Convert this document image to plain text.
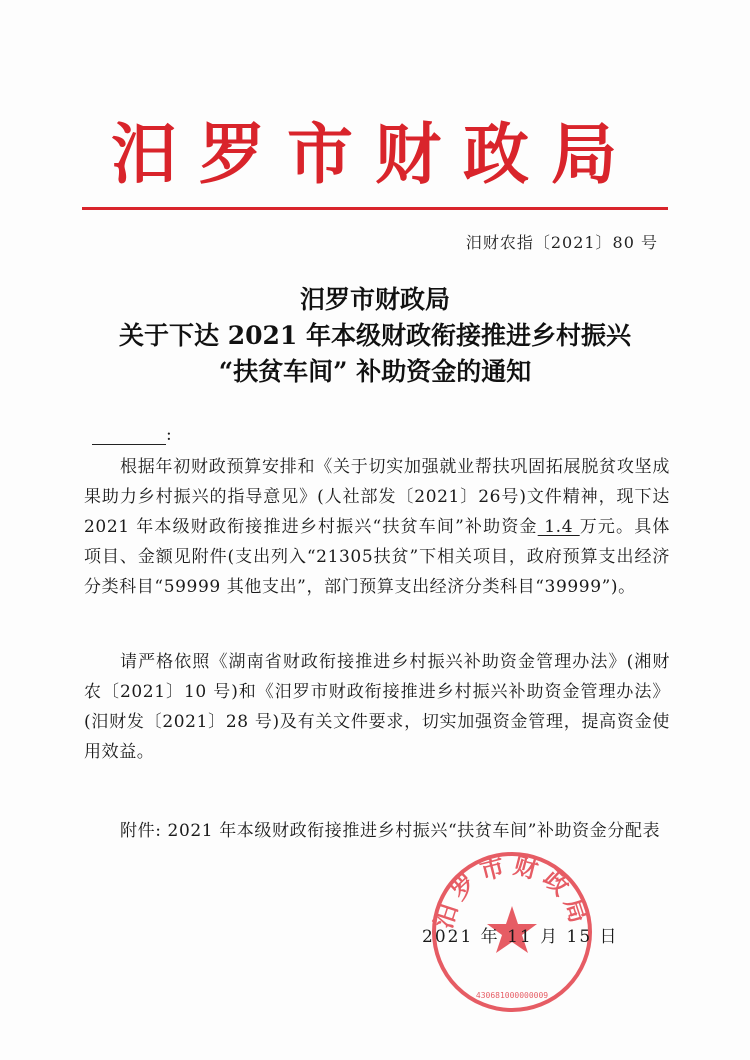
汨罗市财政局
汨财农指〔2021〕80 号
汨罗市财政局
关于下达 2021 年本级财政衔接推进乡村振兴
“扶贫车间” 补助资金的通知
:
根据年初财政预算安排和《关于切实加强就业帮扶巩固拓展脱贫攻坚成果助力乡村振兴的指导意见》(人社部发〔2021〕26号)文件精神，现下达 2021 年本级财政衔接推进乡村振兴“扶贫车间”补助资金 1.4 万元。具体项目、金额见附件(支出列入“21305扶贫”下相关项目，政府预算支出经济分类科目“59999 其他支出”，部门预算支出经济分类科目“39999”)。
请严格依照《湖南省财政衔接推进乡村振兴补助资金管理办法》(湘财农〔2021〕10 号)和《汨罗市财政衔接推进乡村振兴补助资金管理办法》(汨财发〔2021〕28 号)及有关文件要求，切实加强资金管理，提高资金使用效益。
附件: 2021 年本级财政衔接推进乡村振兴“扶贫车间”补助资金分配表
汨罗市财政局
430681000000009
2021 年 11 月 15 日
